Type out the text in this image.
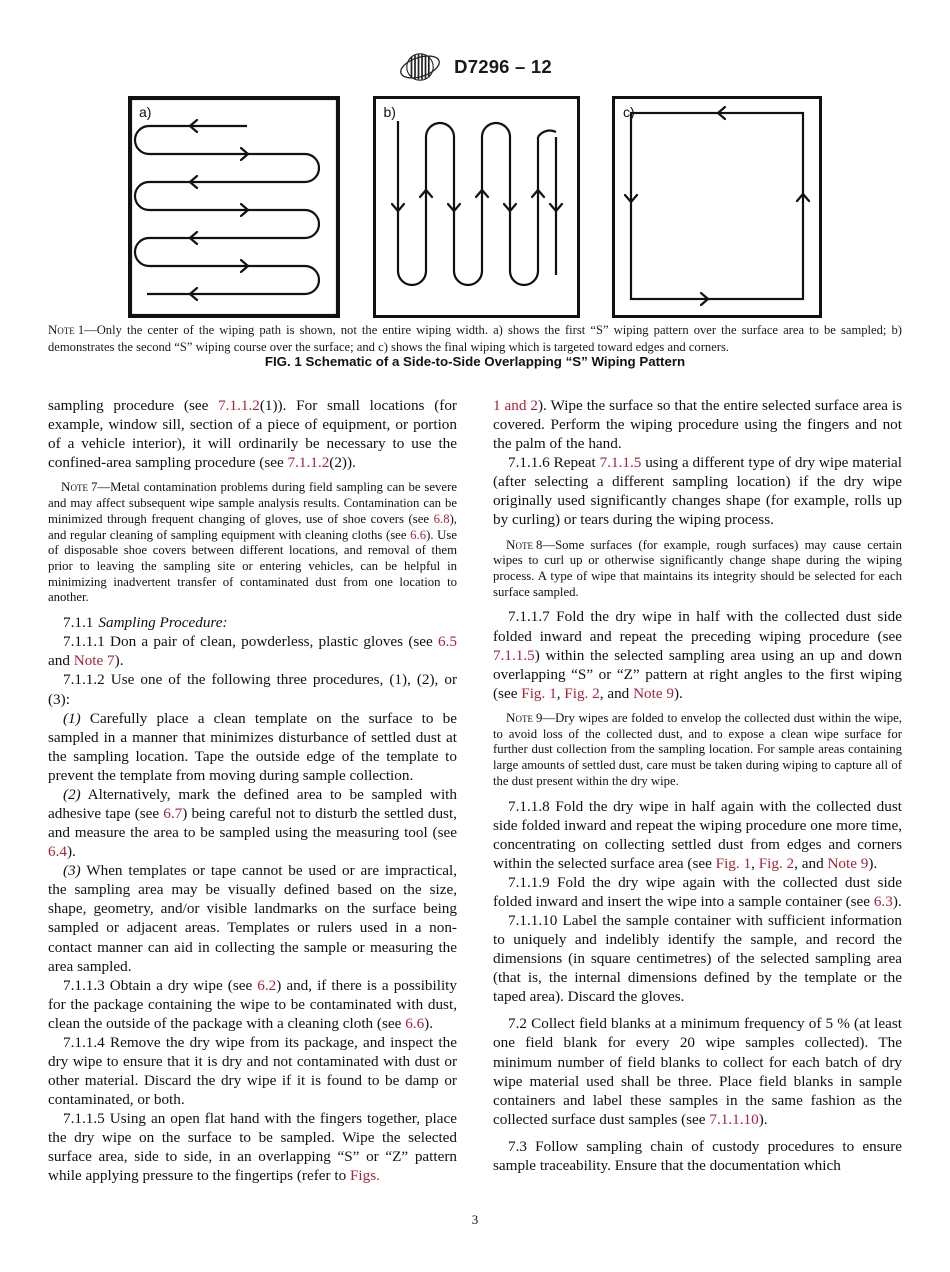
D7296 – 12
a)	b)	c)
Note 1—Only the center of the wiping path is shown, not the entire wiping width. a) shows the first “S” wiping pattern over the surface area to be sampled; b) demonstrates the second “S” wiping course over the surface; and c) shows the final wiping which is targeted toward edges and corners.
FIG. 1 Schematic of a Side-to-Side Overlapping “S” Wiping Pattern

sampling procedure (see 7.1.1.2(1)). For small locations (for example, window sill, section of a piece of equipment, or portion of a vehicle interior), it will ordinarily be necessary to use the confined-area sampling procedure (see 7.1.1.2(2)).

Note 7—Metal contamination problems during field sampling can be severe and may affect subsequent wipe sample analysis results. Contamination can be minimized through frequent changing of gloves, use of shoe covers (see 6.8), and regular cleaning of sampling equipment with cleaning cloths (see 6.6). Use of disposable shoe covers between different locations, and removal of them prior to leaving the sampling site or entering vehicles, can be helpful in minimizing inadvertent transfer of contaminated dust from one location to another.

7.1.1 Sampling Procedure:

7.1.1.1 Don a pair of clean, powderless, plastic gloves (see 6.5 and Note 7).

7.1.1.2 Use one of the following three procedures, (1), (2), or (3):

(1) Carefully place a clean template on the surface to be sampled in a manner that minimizes disturbance of settled dust at the sampling location. Tape the outside edge of the template to prevent the template from moving during sample collection.

(2) Alternatively, mark the defined area to be sampled with adhesive tape (see 6.7) being careful not to disturb the settled dust, and measure the area to be sampled using the measuring tool (see 6.4).

(3) When templates or tape cannot be used or are impractical, the sampling area may be visually defined based on the size, shape, geometry, and/or visible landmarks on the surface being sampled or adjacent areas. Templates or rulers used in a non-contact manner can aid in collecting the sample or measuring the area sampled.

7.1.1.3 Obtain a dry wipe (see 6.2) and, if there is a possibility for the package containing the wipe to be contaminated with dust, clean the outside of the package with a cleaning cloth (see 6.6).

7.1.1.4 Remove the dry wipe from its package, and inspect the dry wipe to ensure that it is dry and not contaminated with dust or other material. Discard the dry wipe if it is found to be damp or contaminated, or both.

7.1.1.5 Using an open flat hand with the fingers together, place the dry wipe on the surface to be sampled. Wipe the selected surface area, side to side, in an overlapping “S” or “Z” pattern while applying pressure to the fingertips (refer to Figs.

1 and 2). Wipe the surface so that the entire selected surface area is covered. Perform the wiping procedure using the fingers and not the palm of the hand.

7.1.1.6 Repeat 7.1.1.5 using a different type of dry wipe material (after selecting a different sampling location) if the dry wipe originally used significantly changes shape (for example, rolls up by curling) or tears during the wiping process.

Note 8—Some surfaces (for example, rough surfaces) may cause certain wipes to curl up or otherwise significantly change shape during the wiping process. A type of wipe that maintains its integrity should be selected for each surface sampled.

7.1.1.7 Fold the dry wipe in half with the collected dust side folded inward and repeat the preceding wiping procedure (see 7.1.1.5) within the selected sampling area using an up and down overlapping “S” or “Z” pattern at right angles to the first wiping (see Fig. 1, Fig. 2, and Note 9).

Note 9—Dry wipes are folded to envelop the collected dust within the wipe, to avoid loss of the collected dust, and to expose a clean wipe surface for further dust collection from the sampling location. For sample areas containing large amounts of settled dust, care must be taken during wiping to capture all of the dust present within the dry wipe.

7.1.1.8 Fold the dry wipe in half again with the collected dust side folded inward and repeat the wiping procedure one more time, concentrating on collecting settled dust from edges and corners within the selected surface area (see Fig. 1, Fig. 2, and Note 9).

7.1.1.9 Fold the dry wipe again with the collected dust side folded inward and insert the wipe into a sample container (see 6.3).

7.1.1.10 Label the sample container with sufficient information to uniquely and indelibly identify the sample, and record the dimensions (in square centimetres) of the selected sampling area (that is, the internal dimensions defined by the template or the taped area). Discard the gloves.

7.2 Collect field blanks at a minimum frequency of 5 % (at least one field blank for every 20 wipe samples collected). The minimum number of field blanks to collect for each batch of dry wipe material used shall be three. Place field blanks in sample containers and label these samples in the same fashion as the collected surface dust samples (see 7.1.1.10).

7.3 Follow sampling chain of custody procedures to ensure sample traceability. Ensure that the documentation which

3
